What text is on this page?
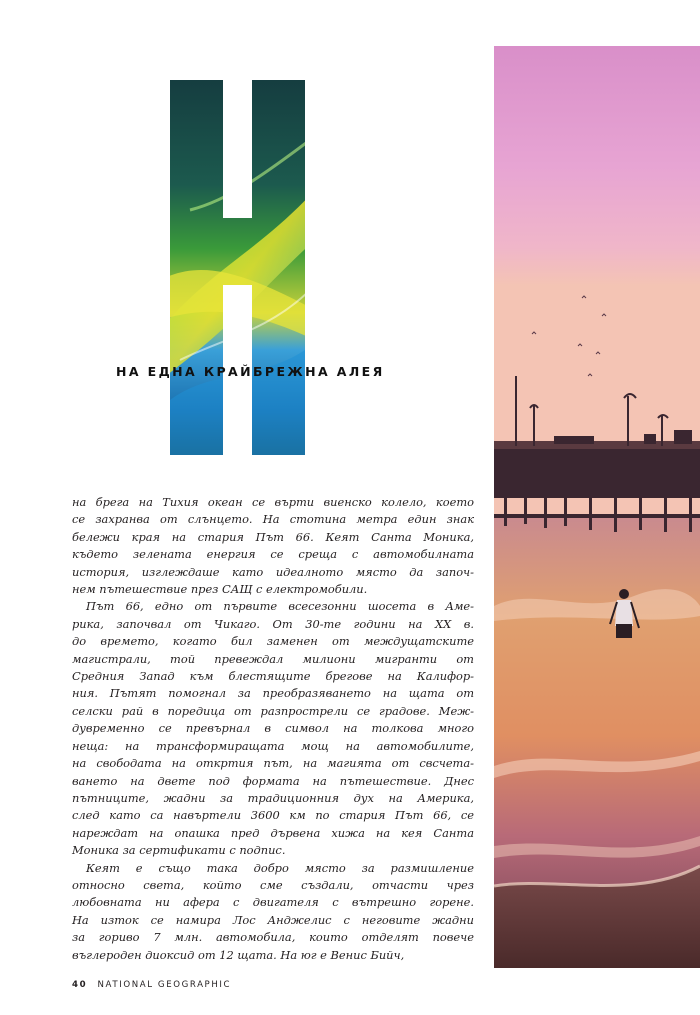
НА ЕДНА КРАЙБРЕЖНА АЛЕЯ

на брега на Тихия океан се върти виенско колело, което
се захранва от слънцето. На стотина метра един знак
бележи края на стария Път 66. Кеят Санта Моника,
където зелената енергия се среща с автомобилната
история, изглеждаше като идеалното място да започ-
нем пътешествие през САЩ с електромобили.

Път 66, едно от първите всесезонни шосета в Аме-
рика, започвал от Чикаго. От 30-те години на ХХ в.
до времето, когато бил заменен от междущатските
магистрали, той превеждал милиони мигранти от
Средния Запад към блестящите брегове на Калифор-
ния. Пътят помогнал за преобразяването на щата от
селски рай в поредица от разпрострели се градове. Меж-
дувременно се превърнал в символ на толкова много
неща: на трансформиращата мощ на автомобилите,
на свободата на откртия път, на магията от свсчета-
ването на двете под формата на пътешествие. Днес
пътниците, жадни за традиционния дух на Америка,
след като са навъртели 3600 км по стария Път 66, се
нареждат на опашка пред дървена хижа на кея Санта
Моника за сертификати с подпис.

Кеят е също така добро място за размишление
относно света, който сме създали, отчасти чрез
любовната ни афера с двигателя с вътрешно горене.
На изток се намира Лос Анджелис с неговите жадни
за гориво 7 млн. автомобила, които отделят повече
въглероден диоксид от 12 щата. На юг е Венис Бийч,

40 NATIONAL GEOGRAPHIC
